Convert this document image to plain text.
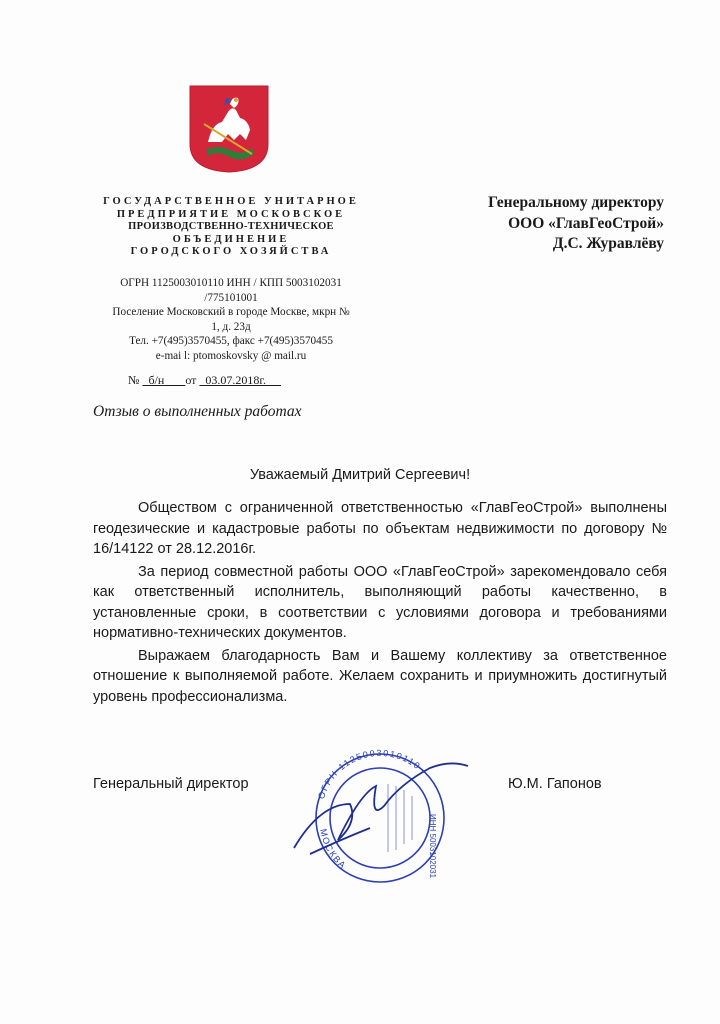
ГОСУДАРСТВЕННОЕ УНИТАРНОЕ
ПРЕДПРИЯТИЕ МОСКОВСКОЕ
ПРОИЗВОДСТВЕННО-ТЕХНИЧЕСКОЕ
ОБЪЕДИНЕНИЕ
ГОРОДСКОГО ХОЗЯЙСТВА
ОГРН 1125003010110 ИНН / КПП 5003102031
/775101001
Поселение Московский в городе Москве, мкрн №
1, д. 23д
Тел. +7(495)3570455, факс +7(495)3570455
e-mai l: ptomoskovsky @ mail.ru
№ б/н от 03.07.2018г.
Генеральному директору
ООО «ГлавГеоСтрой»
Д.С. Журавлёву
Отзыв о выполненных работах
Уважаемый Дмитрий Сергеевич!

Обществом с ограниченной ответственностью «ГлавГеоСтрой» выполнены геодезические и кадастровые работы по объектам недвижимости по договору № 16/14122 от 28.12.2016г.

За период совместной работы ООО «ГлавГеоСтрой» зарекомендовало себя как ответственный исполнитель, выполняющий работы качественно, в установленные сроки, в соответствии с условиями договора и требованиями нормативно-технических документов.

Выражаем благодарность Вам и Вашему коллективу за ответственное отношение к выполняемой работе. Желаем сохранить и приумножить достигнутый уровень профессионализма.

Генеральный директор	Ю.М. Гапонов
ОГРН 1125003010110
МОСКВА	ИНН 5003102031
